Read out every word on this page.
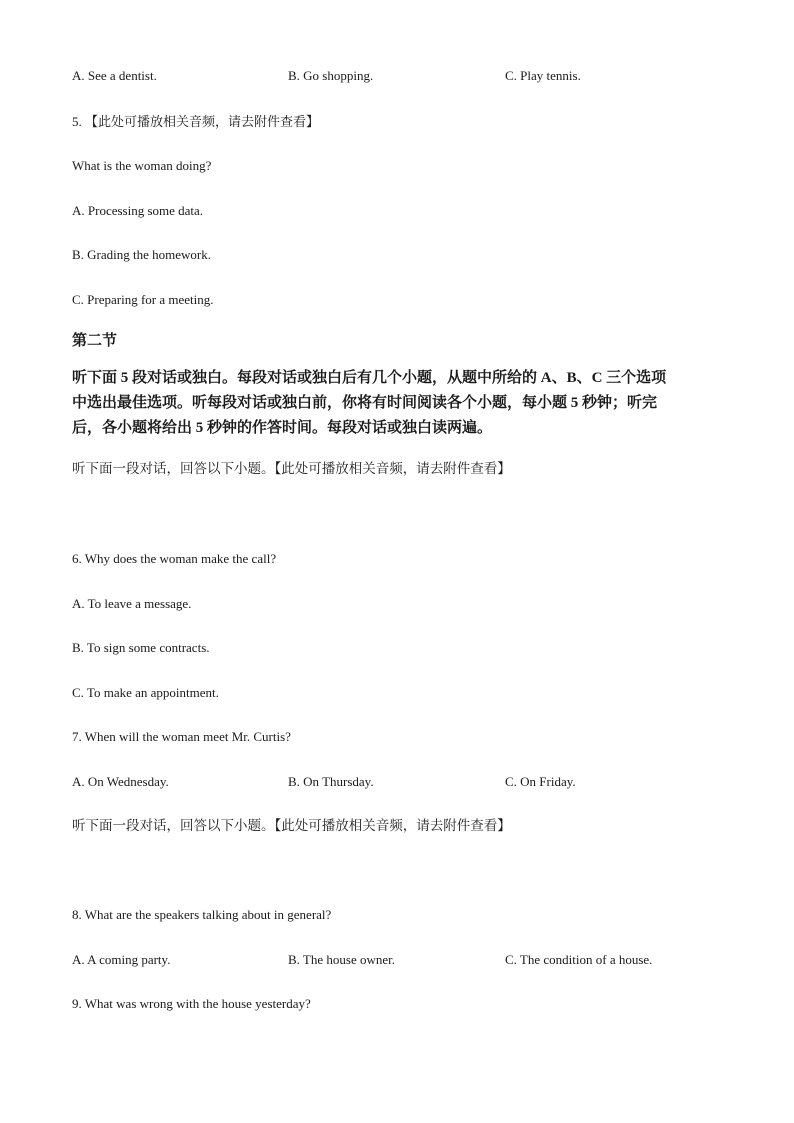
A. See a dentist.	B. Go shopping.	C. Play tennis.
5. 【此处可播放相关音频，请去附件查看】
What is the woman doing?
A. Processing some data.
B. Grading the homework.
C. Preparing for a meeting.
第二节

听下面 5 段对话或独白。每段对话或独白后有几个小题，从题中所给的 A、B、C 三个选项

中选出最佳选项。听每段对话或独白前，你将有时间阅读各个小题，每小题 5 秒钟；听完

后，各小题将给出 5 秒钟的作答时间。每段对话或独白读两遍。

听下面一段对话，回答以下小题。【此处可播放相关音频，请去附件查看】
6. Why does the woman make the call?
A. To leave a message.
B. To sign some contracts.
C. To make an appointment.
7. When will the woman meet Mr. Curtis?
A. On Wednesday.	B. On Thursday.	C. On Friday.
听下面一段对话，回答以下小题。【此处可播放相关音频，请去附件查看】
8. What are the speakers talking about in general?
A. A coming party.	B. The house owner.	C. The condition of a house.
9. What was wrong with the house yesterday?
